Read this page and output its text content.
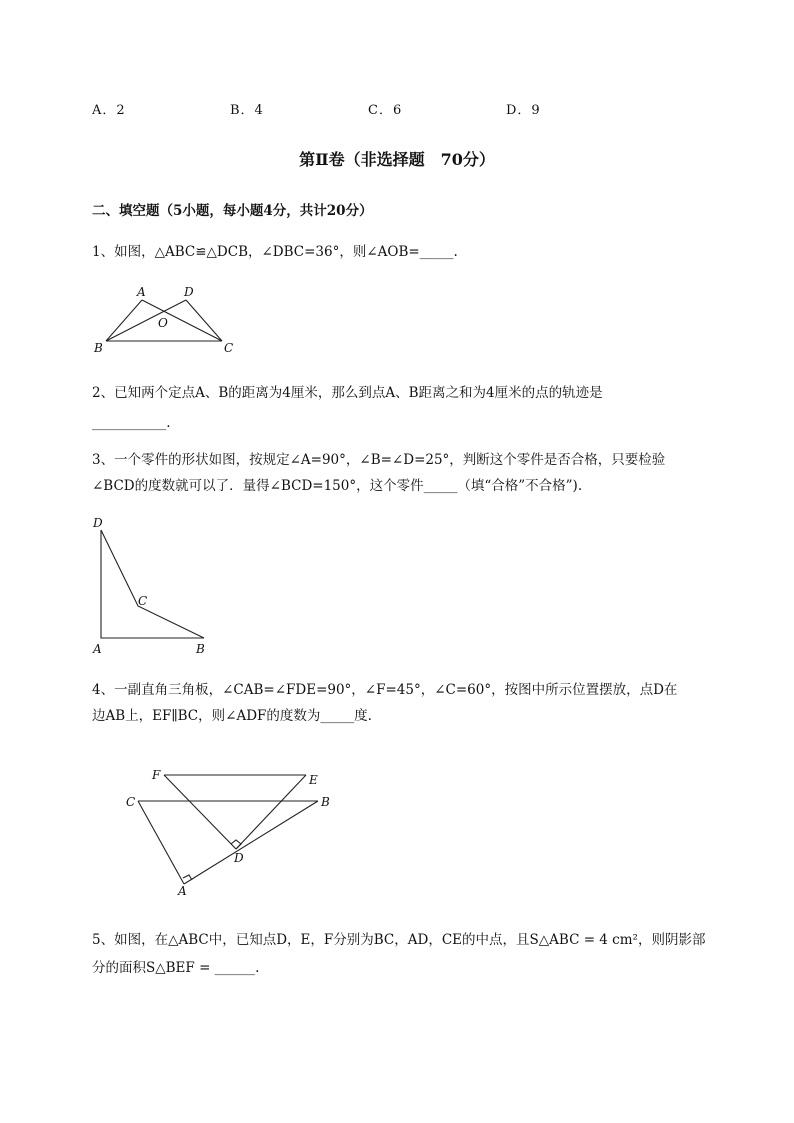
A．2	B．4	C．6	D．9
第Ⅱ卷（非选择题　70分）
二、填空题（5小题，每小题4分，共计20分）
1、如图，△ABC≌△DCB，∠DBC=36°，则∠AOB=_____.
A	D
O
B	C
2、已知两个定点A、B的距离为4厘米，那么到点A、B距离之和为4厘米的点的轨迹是
___________.
3、一个零件的形状如图，按规定∠A=90°，∠B=∠D=25°，判断这个零件是否合格，只要检验
∠BCD的度数就可以了．量得∠BCD=150°，这个零件_____（填“合格”不合格”).
D
C
A	B
4、一副直角三角板，∠CAB=∠FDE=90°，∠F=45°，∠C=60°，按图中所示位置摆放，点D在
边AB上，EF∥BC，则∠ADF的度数为_____度.
F	E
C	B
D
A
5、如图，在△ABC中，已知点D，E，F分别为BC，AD，CE的中点，且S△ABC = 4 cm²，则阴影部
分的面积S△BEF = ______.
